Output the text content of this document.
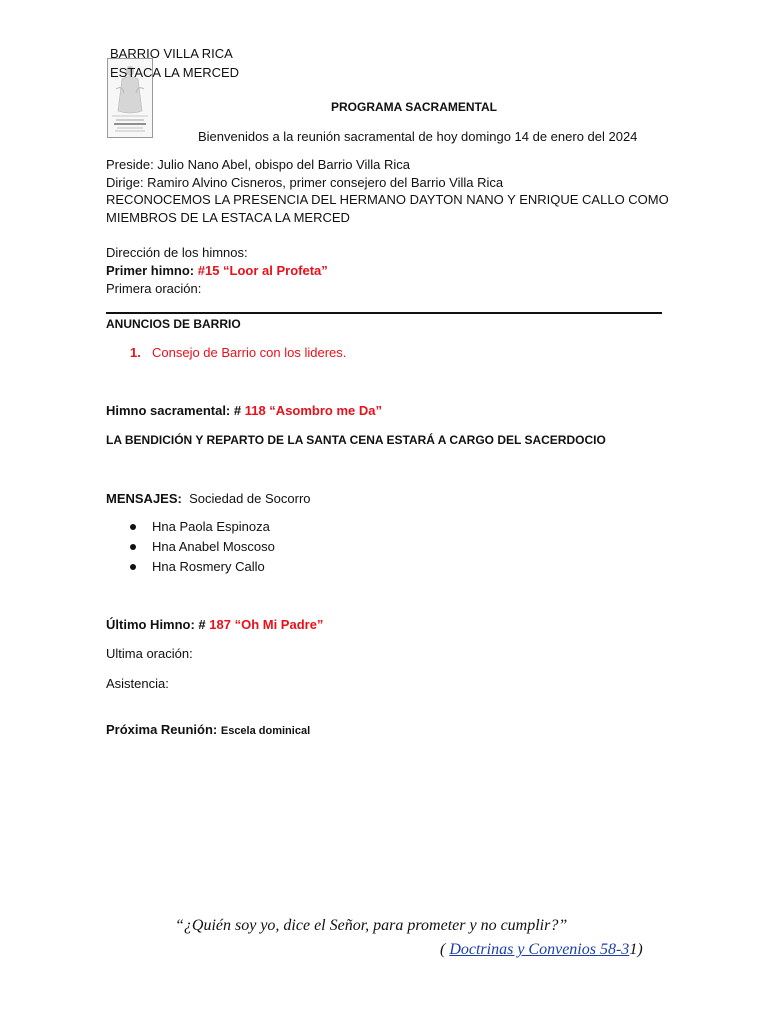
BARRIO VILLA RICA
ESTACA LA MERCED
PROGRAMA SACRAMENTAL
Bienvenidos a la reunión sacramental de hoy domingo 14 de enero del 2024
Preside: Julio Nano Abel, obispo del Barrio Villa Rica
Dirige: Ramiro Alvino Cisneros, primer consejero del Barrio Villa Rica
RECONOCEMOS LA PRESENCIA DEL HERMANO DAYTON NANO Y ENRIQUE CALLO COMO
MIEMBROS DE LA ESTACA LA MERCED
Dirección de los himnos:
Primer himno: #15 “Loor al Profeta”
Primera oración:
ANUNCIOS DE BARRIO
1. Consejo de Barrio con los lideres.
Himno sacramental: # 118 “Asombro me Da”
LA BENDICIÓN Y REPARTO DE LA SANTA CENA ESTARÁ A CARGO DEL SACERDOCIO
MENSAJES: Sociedad de Socorro
Hna Paola Espinoza
Hna Anabel Moscoso
Hna Rosmery Callo
Último Himno: # 187 “Oh Mi Padre”
Ultima oración:
Asistencia:
Próxima Reunión: Escela dominical
“¿Quién soy yo, dice el Señor, para prometer y no cumplir?”
( Doctrinas y Convenios 58-31)
